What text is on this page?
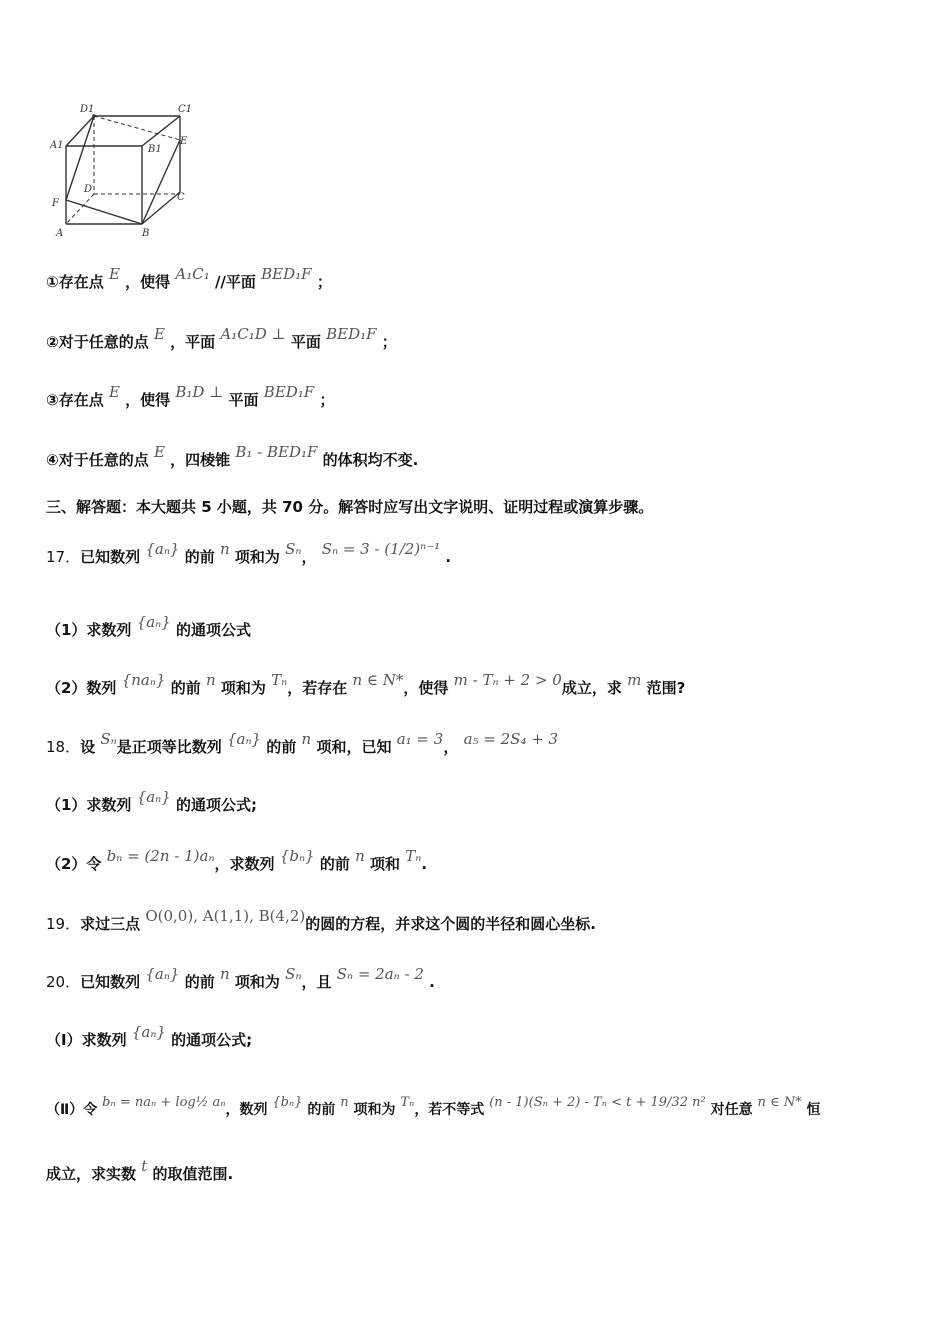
D1	C1
A1	B1
E
D
C
F
A	B
①存在点 E ，使得 A₁C₁ //平面 BED₁F ；
②对于任意的点 E ，平面 A₁C₁D ⊥ 平面 BED₁F ；
③存在点 E ，使得 B₁D ⊥ 平面 BED₁F ；
④对于任意的点 E ，四棱锥 B₁ - BED₁F 的体积均不变.
三、解答题：本大题共 5 小题，共 70 分。解答时应写出文字说明、证明过程或演算步骤。
17．已知数列 {aₙ} 的前 n 项和为 Sₙ， Sₙ = 3 - (1/2)ⁿ⁻¹ .
（1）求数列 {aₙ} 的通项公式
（2）数列 {naₙ} 的前 n 项和为 Tₙ，若存在 n ∈ N*，使得 m - Tₙ + 2 > 0成立，求 m 范围?
18．设 Sₙ是正项等比数列 {aₙ} 的前 n 项和，已知 a₁ = 3， a₅ = 2S₄ + 3
（1）求数列 {aₙ} 的通项公式;
（2）令 bₙ = (2n - 1)aₙ，求数列 {bₙ} 的前 n 项和 Tₙ.
19．求过三点 O(0,0), A(1,1), B(4,2)的圆的方程，并求这个圆的半径和圆心坐标.
20．已知数列 {aₙ} 的前 n 项和为 Sₙ，且 Sₙ = 2aₙ - 2 .
（Ⅰ）求数列 {aₙ} 的通项公式;
（Ⅱ）令 bₙ = naₙ + log½ aₙ，数列 {bₙ} 的前 n 项和为 Tₙ，若不等式 (n - 1)(Sₙ + 2) - Tₙ < t + 19/32 n² 对任意 n ∈ N* 恒
成立，求实数 t 的取值范围.
